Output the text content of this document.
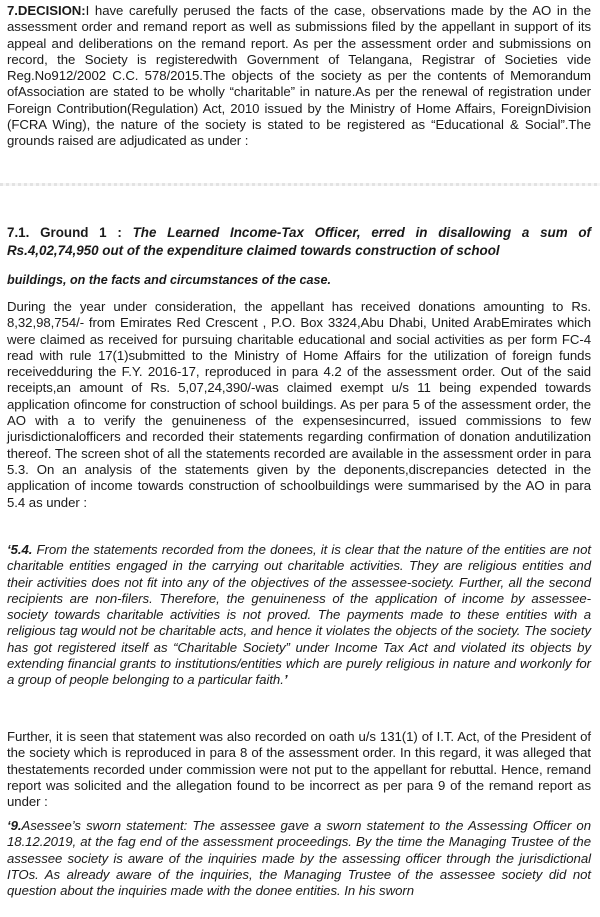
7.DECISION:I have carefully perused the facts of the case, observations made by the AO in the assessment order and remand report as well as submissions filed by the appellant in support of its appeal and deliberations on the remand report. As per the assessment order and submissions on record, the Society is registeredwith Government of Telangana, Registrar of Societies vide Reg.No912/2002 C.C. 578/2015.The objects of the society as per the contents of Memorandum ofAssociation are stated to be wholly “charitable” in nature.As per the renewal of registration under Foreign Contribution(Regulation) Act, 2010 issued by the Ministry of Home Affairs, ForeignDivision (FCRA Wing), the nature of the society is stated to be registered as “Educational & Social”.The grounds raised are adjudicated as under :

7.1. Ground 1 : The Learned Income-Tax Officer, erred in disallowing a sum of Rs.4,02,74,950 out of the expenditure claimed towards construction of school

buildings, on the facts and circumstances of the case.

During the year under consideration, the appellant has received donations amounting to Rs. 8,32,98,754/- from Emirates Red Crescent , P.O. Box 3324,Abu Dhabi, United ArabEmirates which were claimed as received for pursuing charitable educational and social activities as per form FC-4 read with rule 17(1)submitted to the Ministry of Home Affairs for the utilization of foreign funds receivedduring the F.Y. 2016-17, reproduced in para 4.2 of the assessment order. Out of the said receipts,an amount of Rs. 5,07,24,390/-was claimed exempt u/s 11 being expended towards application ofincome for construction of school buildings. As per para 5 of the assessment order, the AO with a to verify the genuineness of the expensesincurred, issued commissions to few jurisdictionalofficers and recorded their statements regarding confirmation of donation andutilization thereof. The screen shot of all the statements recorded are available in the assessment order in para 5.3. On an analysis of the statements given by the deponents,discrepancies detected in the application of income towards construction of schoolbuildings were summarised by the AO in para 5.4 as under :

‘5.4. From the statements recorded from the donees, it is clear that the nature of the entities are not charitable entities engaged in the carrying out charitable activities. They are religious entities and their activities does not fit into any of the objectives of the assessee-society. Further, all the second recipients are non-filers. Therefore, the genuineness of the application of income by assessee-society towards charitable activities is not proved. The payments made to these entities with a religious tag would not be charitable acts, and hence it violates the objects of the society. The society has got registered itself as “Charitable Society” under Income Tax Act and violated its objects by extending financial grants to institutions/entities which are purely religious in nature and workonly for a group of people belonging to a particular faith.’

Further, it is seen that statement was also recorded on oath u/s 131(1) of I.T. Act, of the President of the society which is reproduced in para 8 of the assessment order. In this regard, it was alleged that thestatements recorded under commission were not put to the appellant for rebuttal. Hence, remand report was solicited and the allegation found to be incorrect as per para 9 of the remand report as under :

‘9.Asessee’s sworn statement: The assessee gave a sworn statement to the Assessing Officer on 18.12.2019, at the fag end of the assessment proceedings. By the time the Managing Trustee of the assessee society is aware of the inquiries made by the assessing officer through the jurisdictional ITOs. As already aware of the inquiries, the Managing Trustee of the assessee society did not question about the inquiries made with the donee entities. In his sworn
